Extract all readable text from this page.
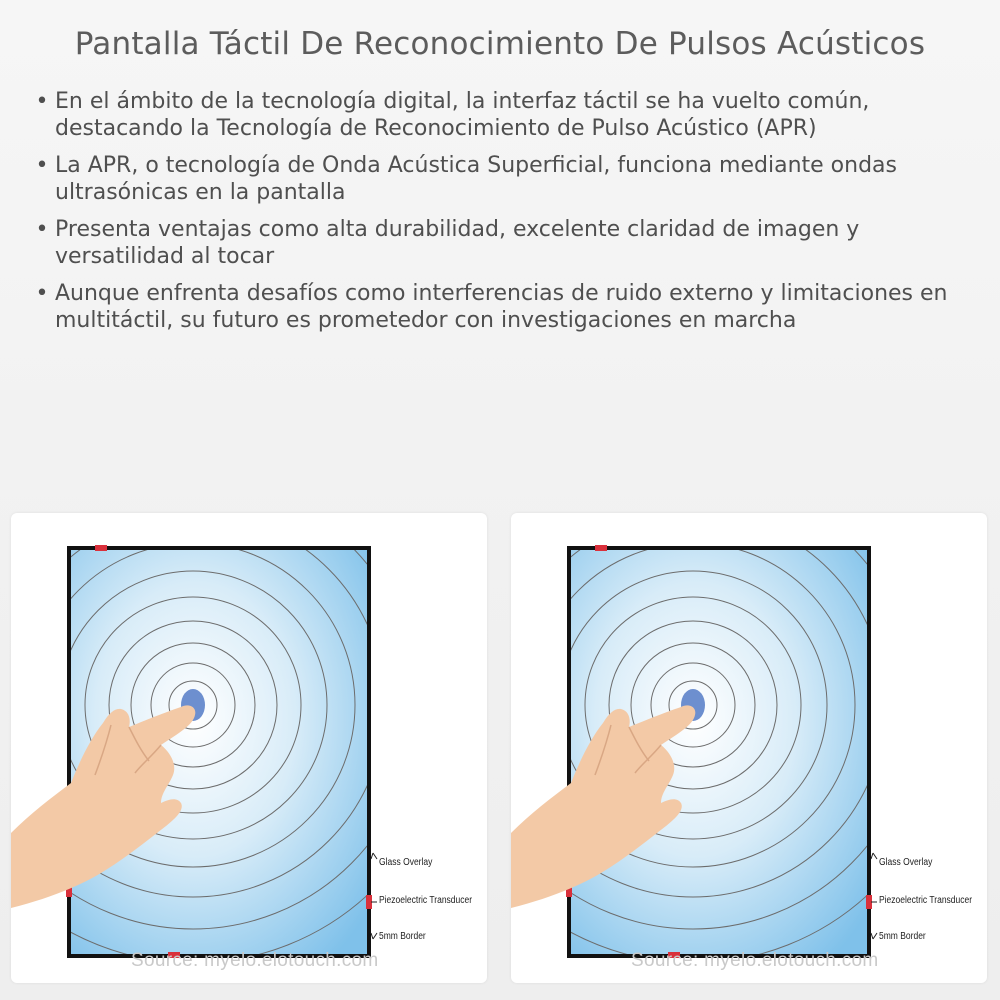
Pantalla Táctil De Reconocimiento De Pulsos Acústicos
• En el ámbito de la tecnología digital, la interfaz táctil se ha vuelto común, destacando la Tecnología de Reconocimiento de Pulso Acústico (APR)
• La APR, o tecnología de Onda Acústica Superficial, funciona mediante ondas ultrasónicas en la pantalla
• Presenta ventajas como alta durabilidad, excelente claridad de imagen y versatilidad al tocar
• Aunque enfrenta desafíos como interferencias de ruido externo y limitaciones en multitáctil, su futuro es prometedor con investigaciones en marcha
Glass Overlay
Piezoelectric Transducer
5mm Border
Source: myelo.elotouch.com
Glass Overlay
Piezoelectric Transducer
5mm Border
Source: myelo.elotouch.com
